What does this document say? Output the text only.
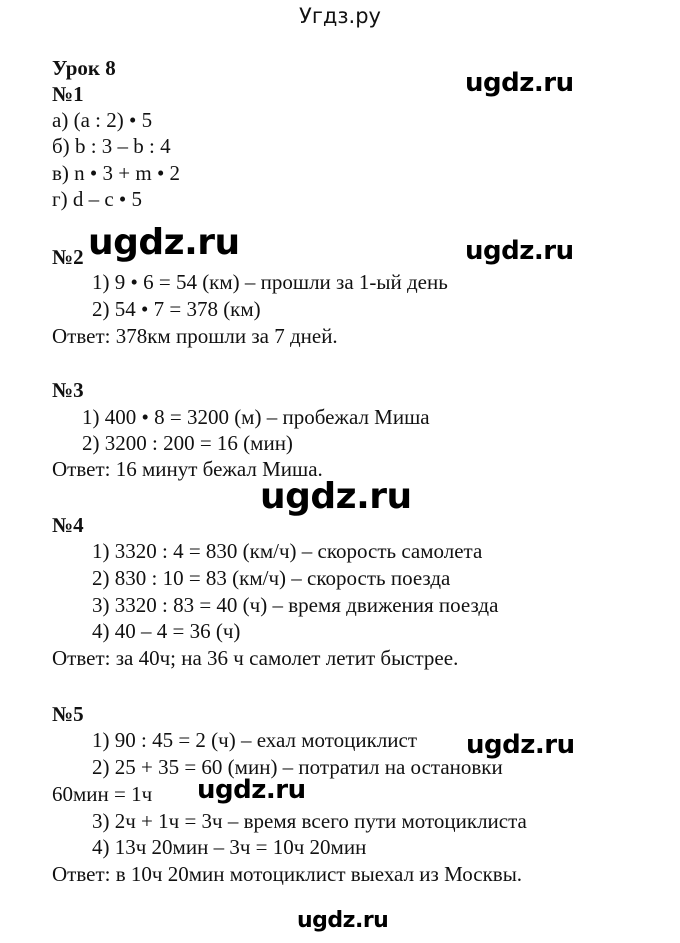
Угдз.ру
ugdz.ru
ugdz.ru	ugdz.ru
ugdz.ru
ugdz.ru
ugdz.ru
ugdz.ru
Урок 8
№1
а) (a : 2) • 5
б) b : 3 – b : 4
в) n • 3 + m • 2
г) d – с • 5
№2
1) 9 • 6 = 54 (км) – прошли за 1-ый день
2) 54 • 7 = 378 (км)
Ответ: 378км прошли за 7 дней.
№3
1) 400 • 8 = 3200 (м) – пробежал Миша
2) 3200 : 200 = 16 (мин)
Ответ: 16 минут бежал Миша.
№4
1) 3320 : 4 = 830 (км/ч) – скорость самолета
2) 830 : 10 = 83 (км/ч) – скорость поезда
3) 3320 : 83 = 40 (ч) – время движения поезда
4) 40 – 4 = 36 (ч)
Ответ: за 40ч; на 36 ч самолет летит быстрее.
№5
1) 90 : 45 = 2 (ч) – ехал мотоциклист
2) 25 + 35 = 60 (мин) – потратил на остановки
60мин = 1ч
3) 2ч + 1ч = 3ч – время всего пути мотоциклиста
4) 13ч 20мин – 3ч = 10ч 20мин
Ответ: в 10ч 20мин мотоциклист выехал из Москвы.
